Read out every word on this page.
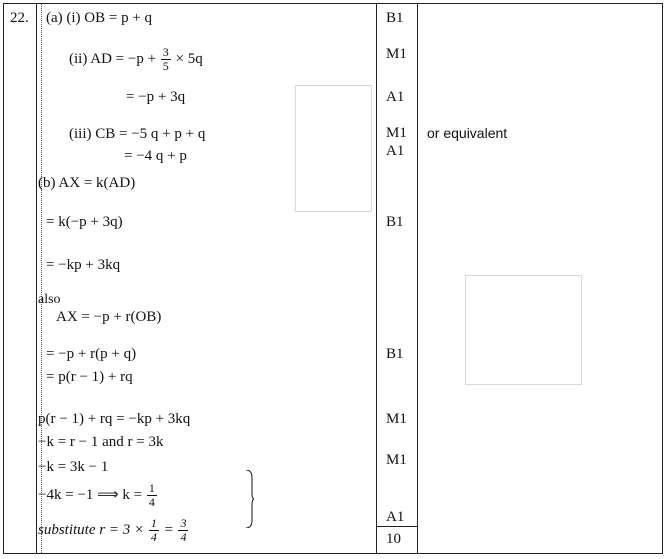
22. (a) (i) OB = p + q
(ii) AD = $-p + \frac{3}{5} \times 5q$
= −p + 3q
(iii) CB = −5 q + p + q
= −4 q + p
(b) AX = k(AD)
= k(−p + 3q)
= −kp + 3kq
also
AX = −p + r(OB)
= −p + r(p + q)
= p(r − 1) + rq
p(r − 1) + rq = −kp + 3kq
−k = r − 1 and r = 3k
−k = 3k − 1
−4k = −1 ⟹ $k = \frac{1}{4}$
substitute $r = 3 \times \frac{1}{4} = \frac{3}{4}$
B1
M1
A1
M1
A1
or equivalent
B1
B1
M1
M1
A1
10
